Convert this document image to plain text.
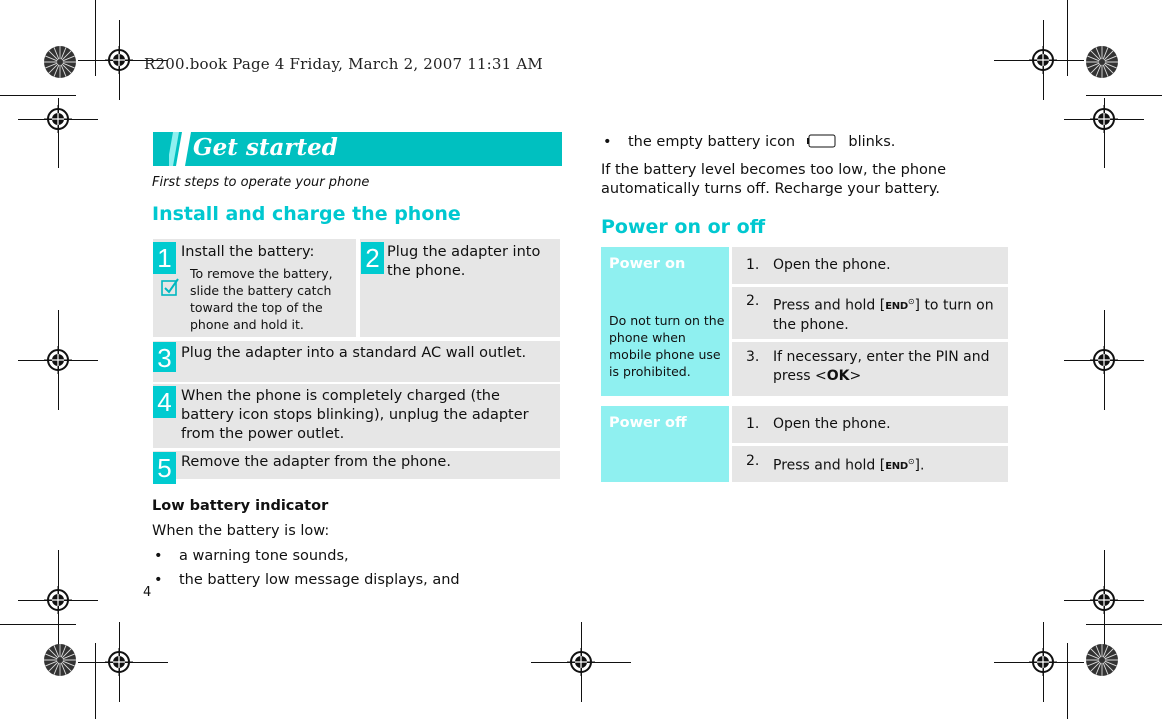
R200.book Page 4 Friday, March 2, 2007 11:31 AM
Get started
First steps to operate your phone
Install and charge the phone
1 Install the battery:
To remove the battery, slide the battery catch toward the top of the phone and hold it.
2 Plug the adapter into the phone.
3 Plug the adapter into a standard AC wall outlet.
4 When the phone is completely charged (the battery icon stops blinking), unplug the adapter from the power outlet.
5 Remove the adapter from the phone.
Low battery indicator
When the battery is low:
• a warning tone sounds,
• the battery low message displays, and
4
• the empty battery icon	blinks.
If the battery level becomes too low, the phone automatically turns off. Recharge your battery.
Power on or off
Power on
Do not turn on the phone when mobile phone use is prohibited.
1. Open the phone.
2. Press and hold [END⊙] to turn on the phone.
3. If necessary, enter the PIN and press <OK>
Power off	1. Open the phone.
2. Press and hold [END⊙].
